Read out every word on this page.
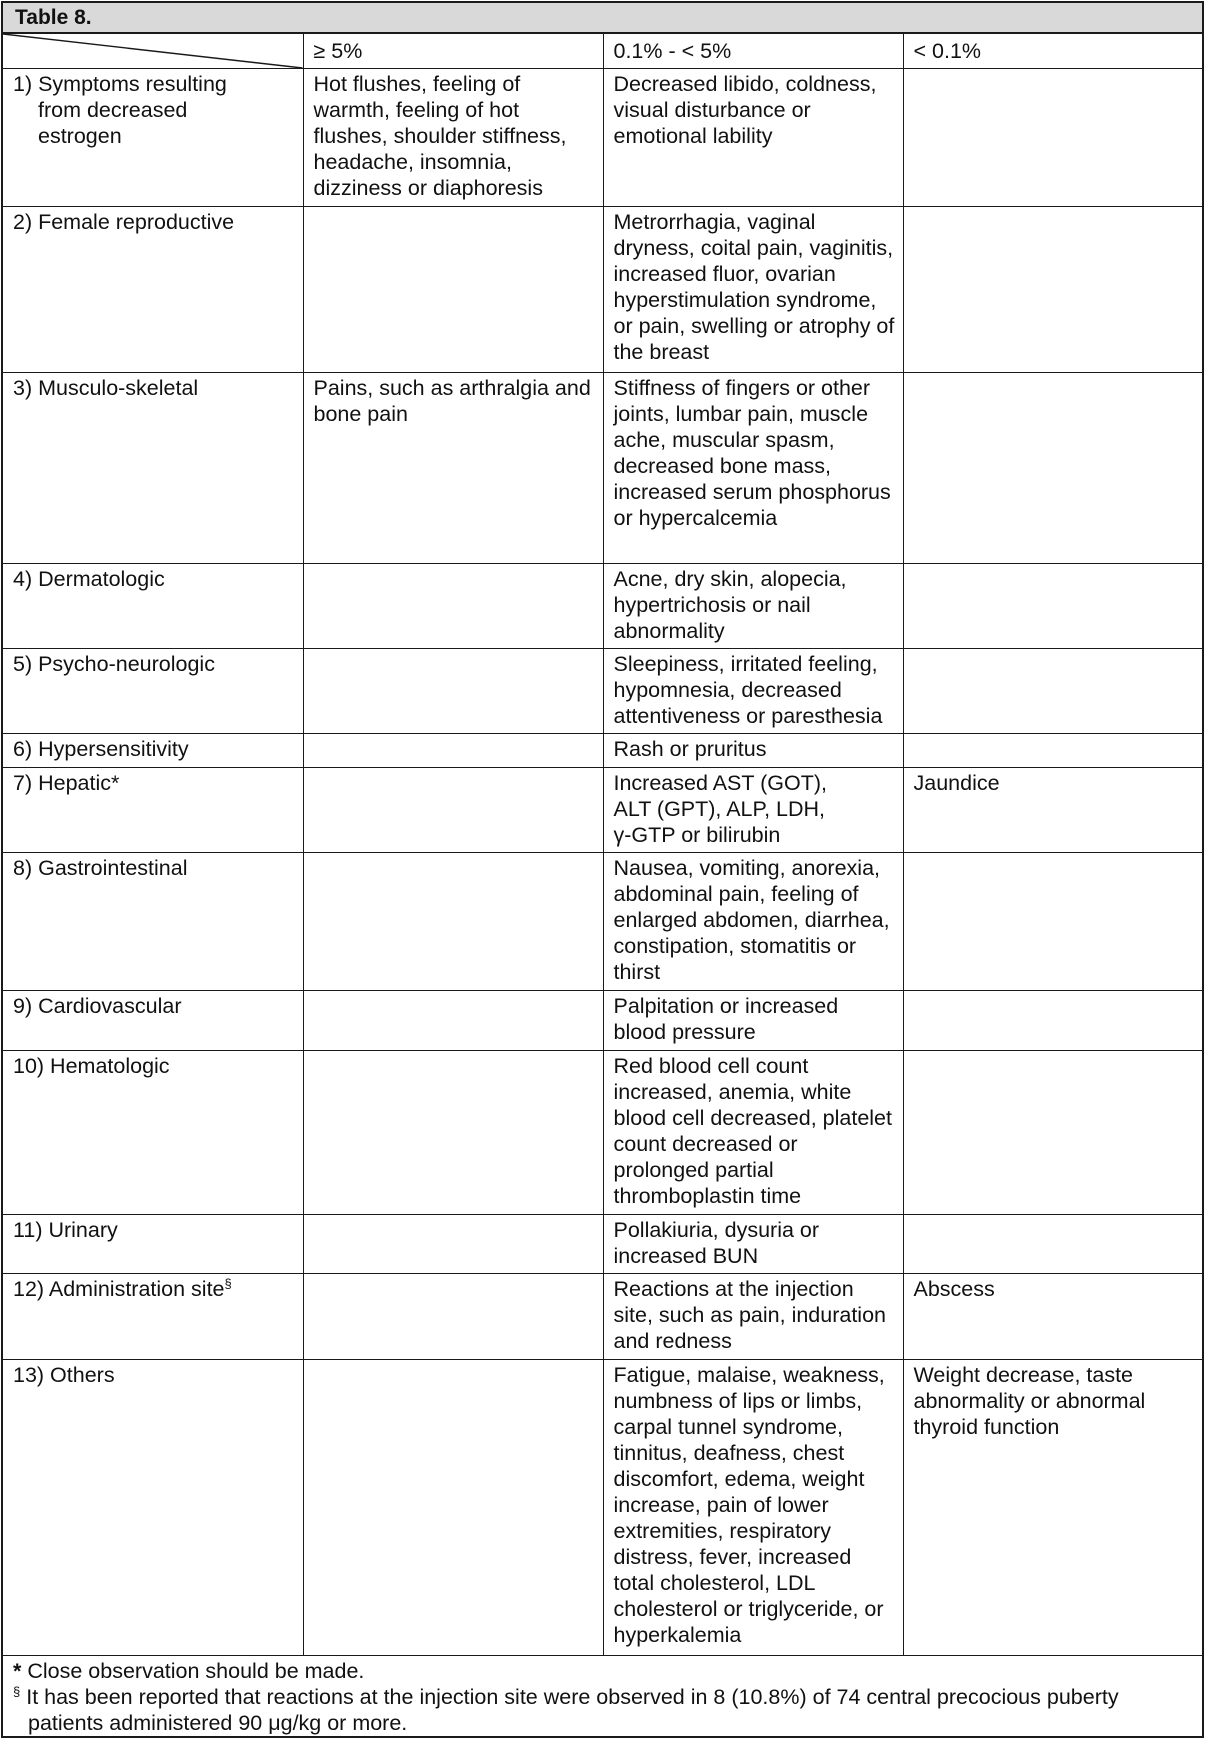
Table 8.
	≥ 5%	0.1% - < 5%	< 0.1%
1) Symptoms resulting
from decreased
estrogen	Hot flushes, feeling of warmth, feeling of hot flushes, shoulder stiffness, headache, insomnia, dizziness or diaphoresis	Decreased libido, coldness, visual disturbance or emotional lability	
2) Female reproductive		Metrorrhagia, vaginal dryness, coital pain, vaginitis, increased fluor, ovarian hyperstimulation syndrome, or pain, swelling or atrophy of the breast	
3) Musculo-skeletal	Pains, such as arthralgia and bone pain	Stiffness of fingers or other joints, lumbar pain, muscle ache, muscular spasm, decreased bone mass, increased serum phosphorus or hypercalcemia	
4) Dermatologic		Acne, dry skin, alopecia, hypertrichosis or nail abnormality	
5) Psycho-neurologic		Sleepiness, irritated feeling, hypomnesia, decreased attentiveness or paresthesia	
6) Hypersensitivity		Rash or pruritus	
7) Hepatic*		Increased AST (GOT),
ALT (GPT), ALP, LDH,
γ-GTP or bilirubin	Jaundice
8) Gastrointestinal		Nausea, vomiting, anorexia, abdominal pain, feeling of enlarged abdomen, diarrhea, constipation, stomatitis or thirst	
9) Cardiovascular		Palpitation or increased blood pressure	
10) Hematologic		Red blood cell count increased, anemia, white blood cell decreased, platelet count decreased or prolonged partial thromboplastin time	
11) Urinary		Pollakiuria, dysuria or increased BUN	
12) Administration site§		Reactions at the injection site, such as pain, induration and redness	Abscess
13) Others		Fatigue, malaise, weakness, numbness of lips or limbs, carpal tunnel syndrome, tinnitus, deafness, chest discomfort, edema, weight increase, pain of lower extremities, respiratory distress, fever, increased total cholesterol, LDL cholesterol or triglyceride, or hyperkalemia	Weight decrease, taste abnormality or abnormal thyroid function

* Close observation should be made.
§ It has been reported that reactions at the injection site were observed in 8 (10.8%) of 74 central precocious puberty
patients administered 90 μg/kg or more.			
